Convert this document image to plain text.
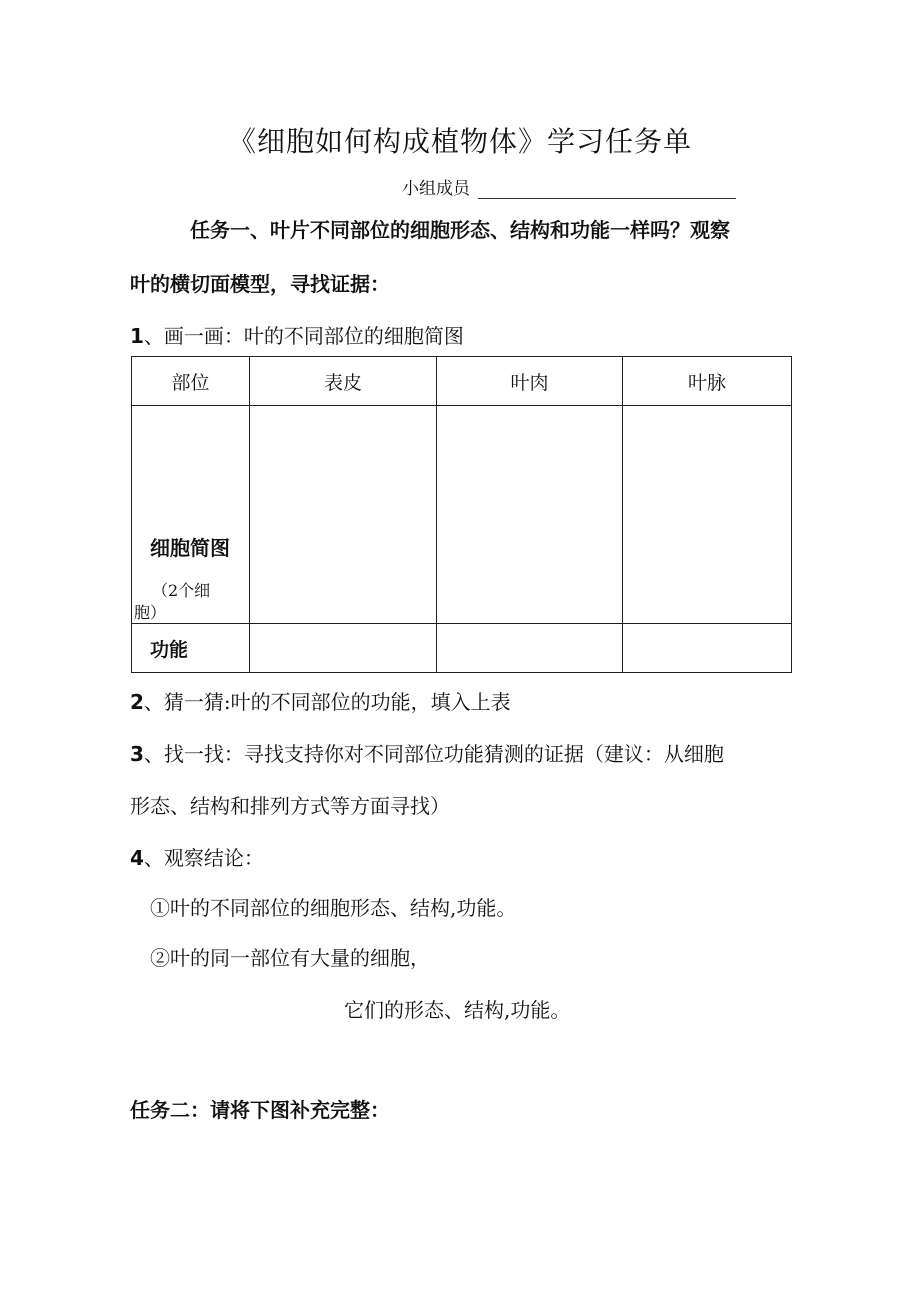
《细胞如何构成植物体》学习任务单
小组成员
任务一、叶片不同部位的细胞形态、结构和功能一样吗？观察
叶的横切面模型，寻找证据：
1、画一画：叶的不同部位的细胞简图
部位	表皮	叶肉	叶脉

细胞简图
（2个细
胞）			

功能			
2、猜一猜:叶的不同部位的功能，填入上表
3、找一找：寻找支持你对不同部位功能猜测的证据（建议：从细胞
形态、结构和排列方式等方面寻找）
4、观察结论：
①叶的不同部位的细胞形态、结构,功能。
②叶的同一部位有大量的细胞，
它们的形态、结构,功能。
任务二：请将下图补充完整：
